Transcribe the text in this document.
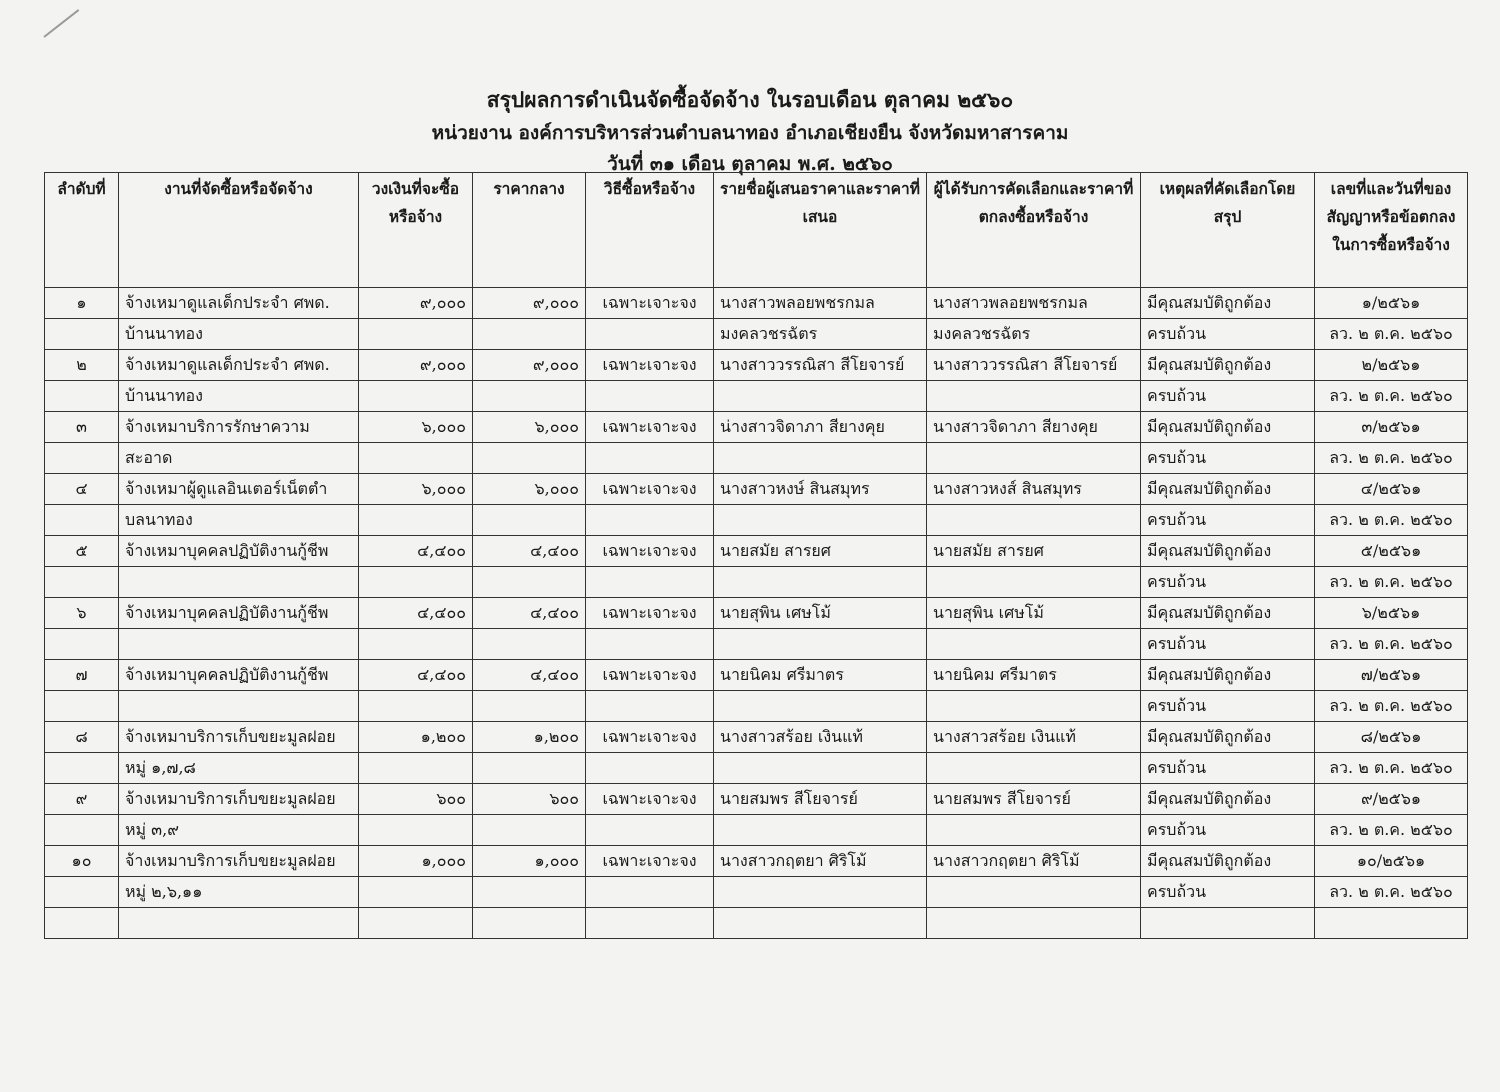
สรุปผลการดำเนินจัดซื้อจัดจ้าง ในรอบเดือน ตุลาคม ๒๕๖๐
หน่วยงาน องค์การบริหารส่วนตำบลนาทอง อำเภอเชียงยืน จังหวัดมหาสารคาม
วันที่ ๓๑ เดือน ตุลาคม พ.ศ. ๒๕๖๐
ลำดับที่	งานที่จัดซื้อหรือจัดจ้าง	วงเงินที่จะซื้อหรือจ้าง	ราคากลาง	วิธีซื้อหรือจ้าง	รายชื่อผู้เสนอราคาและราคาที่เสนอ	ผู้ได้รับการคัดเลือกและราคาที่ตกลงซื้อหรือจ้าง	เหตุผลที่คัดเลือกโดยสรุป	เลขที่และวันที่ของสัญญาหรือข้อตกลงในการซื้อหรือจ้าง
๑	จ้างเหมาดูแลเด็กประจำ ศพด.	๙,๐๐๐	๙,๐๐๐	เฉพาะเจาะจง	นางสาวพลอยพชรกมล	นางสาวพลอยพชรกมล	มีคุณสมบัติถูกต้อง	๑/๒๕๖๑
	บ้านนาทอง				มงคลวชรฉัตร	มงคลวชรฉัตร	ครบถ้วน	ลว. ๒ ต.ค. ๒๕๖๐
๒	จ้างเหมาดูแลเด็กประจำ ศพด.	๙,๐๐๐	๙,๐๐๐	เฉพาะเจาะจง	นางสาววรรณิสา สีโยจารย์	นางสาววรรณิสา สีโยจารย์	มีคุณสมบัติถูกต้อง	๒/๒๕๖๑
	บ้านนาทอง						ครบถ้วน	ลว. ๒ ต.ค. ๒๕๖๐
๓	จ้างเหมาบริการรักษาความ	๖,๐๐๐	๖,๐๐๐	เฉพาะเจาะจง	น่างสาวจิดาภา สียางคุย	นางสาวจิดาภา สียางคุย	มีคุณสมบัติถูกต้อง	๓/๒๕๖๑
	สะอาด						ครบถ้วน	ลว. ๒ ต.ค. ๒๕๖๐
๔	จ้างเหมาผู้ดูแลอินเตอร์เน็ตตำ	๖,๐๐๐	๖,๐๐๐	เฉพาะเจาะจง	นางสาวหงษ์ สินสมุทร	นางสาวหงส์ สินสมุทร	มีคุณสมบัติถูกต้อง	๔/๒๕๖๑
	บลนาทอง						ครบถ้วน	ลว. ๒ ต.ค. ๒๕๖๐
๕	จ้างเหมาบุคคลปฏิบัติงานกู้ชีพ	๔,๔๐๐	๔,๔๐๐	เฉพาะเจาะจง	นายสมัย สารยศ	นายสมัย สารยศ	มีคุณสมบัติถูกต้อง	๕/๒๕๖๑
							ครบถ้วน	ลว. ๒ ต.ค. ๒๕๖๐
๖	จ้างเหมาบุคคลปฏิบัติงานกู้ชีพ	๔,๔๐๐	๔,๔๐๐	เฉพาะเจาะจง	นายสุพิน เศษโม้	นายสุพิน เศษโม้	มีคุณสมบัติถูกต้อง	๖/๒๕๖๑
							ครบถ้วน	ลว. ๒ ต.ค. ๒๕๖๐
๗	จ้างเหมาบุคคลปฏิบัติงานกู้ชีพ	๔,๔๐๐	๔,๔๐๐	เฉพาะเจาะจง	นายนิคม ศรีมาตร	นายนิคม ศรีมาตร	มีคุณสมบัติถูกต้อง	๗/๒๕๖๑
							ครบถ้วน	ลว. ๒ ต.ค. ๒๕๖๐
๘	จ้างเหมาบริการเก็บขยะมูลฝอย	๑,๒๐๐	๑,๒๐๐	เฉพาะเจาะจง	นางสาวสร้อย เงินแท้	นางสาวสร้อย เงินแท้	มีคุณสมบัติถูกต้อง	๘/๒๕๖๑
	หมู่ ๑,๗,๘						ครบถ้วน	ลว. ๒ ต.ค. ๒๕๖๐
๙	จ้างเหมาบริการเก็บขยะมูลฝอย	๖๐๐	๖๐๐	เฉพาะเจาะจง	นายสมพร สีโยจารย์	นายสมพร สีโยจารย์	มีคุณสมบัติถูกต้อง	๙/๒๕๖๑
	หมู่ ๓,๙						ครบถ้วน	ลว. ๒ ต.ค. ๒๕๖๐
๑๐	จ้างเหมาบริการเก็บขยะมูลฝอย	๑,๐๐๐	๑,๐๐๐	เฉพาะเจาะจง	นางสาวกฤตยา ศิริโม้	นางสาวกฤตยา ศิริโม้	มีคุณสมบัติถูกต้อง	๑๐/๒๕๖๑
	หมู่ ๒,๖,๑๑						ครบถ้วน	ลว. ๒ ต.ค. ๒๕๖๐
